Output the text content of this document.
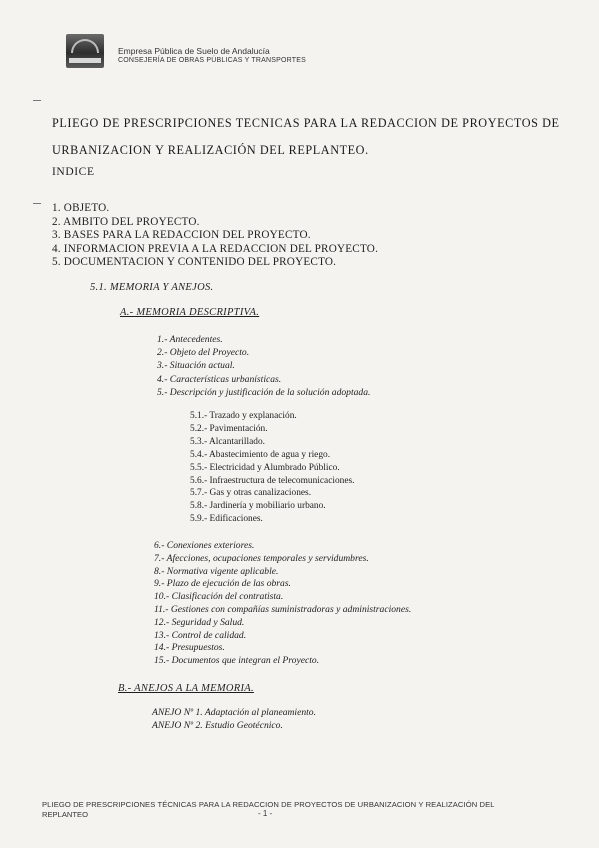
Empresa Pública de Suelo de Andalucía
CONSEJERÍA DE OBRAS PÚBLICAS Y TRANSPORTES
PLIEGO DE PRESCRIPCIONES TECNICAS PARA LA REDACCION DE PROYECTOS DE
URBANIZACION Y REALIZACIÓN DEL REPLANTEO.
INDICE
1. OBJETO.
2. AMBITO DEL PROYECTO.
3. BASES PARA LA REDACCION DEL PROYECTO.
4. INFORMACION PREVIA A LA REDACCION DEL PROYECTO.
5. DOCUMENTACION Y CONTENIDO DEL PROYECTO.
5.1. MEMORIA Y ANEJOS.
A.- MEMORIA DESCRIPTIVA.
1.- Antecedentes.
2.- Objeto del Proyecto.
3.- Situación actual.
4.- Características urbanísticas.
5.- Descripción y justificación de la solución adoptada.
5.1.- Trazado y explanación.
5.2.- Pavimentación.
5.3.- Alcantarillado.
5.4.- Abastecimiento de agua y riego.
5.5.- Electricidad y Alumbrado Público.
5.6.- Infraestructura de telecomunicaciones.
5.7.- Gas y otras canalizaciones.
5.8.- Jardinería y mobiliario urbano.
5.9.- Edificaciones.
6.- Conexiones exteriores.
7.- Afecciones, ocupaciones temporales y servidumbres.
8.- Normativa vigente aplicable.
9.- Plazo de ejecución de las obras.
10.- Clasificación del contratista.
11.- Gestiones con compañías suministradoras y administraciones.
12.- Seguridad y Salud.
13.- Control de calidad.
14.- Presupuestos.
15.- Documentos que integran el Proyecto.
B.- ANEJOS A LA MEMORIA.
ANEJO Nº 1. Adaptación al planeamiento.
ANEJO Nº 2. Estudio Geotécnico.
PLIEGO DE PRESCRIPCIONES TÉCNICAS PARA LA REDACCION DE PROYECTOS DE URBANIZACION Y REALIZACIÓN DEL
REPLANTEO	- 1 -
